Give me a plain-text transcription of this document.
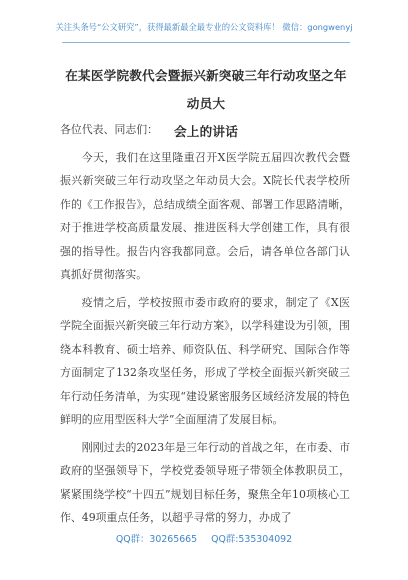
关注头条号“公文研究”，获得最新最全最专业的公文资料库！ 微信：gongwenyj
在某医学院教代会暨振兴新突破三年行动攻坚之年动员大
会上的讲话

各位代表、同志们：

今天，我们在这里隆重召开X医学院五届四次教代会暨振兴新突破三年行动攻坚之年动员大会。X院长代表学校所作的《工作报告》，总结成绩全面客观、部署工作思路清晰，对于推进学校高质量发展、推进医科大学创建工作，具有很强的指导性。报告内容我都同意。会后，请各单位各部门认真抓好贯彻落实。

疫情之后，学校按照市委市政府的要求，制定了《X医学院全面振兴新突破三年行动方案》，以学科建设为引领，围绕本科教育、硕士培养、师资队伍、科学研究、国际合作等方面制定了132条攻坚任务，形成了学校全面振兴新突破三年行动任务清单，为实现“建设紧密服务区域经济发展的特色鲜明的应用型医科大学”全面厘清了发展目标。

刚刚过去的2023年是三年行动的首战之年，在市委、市政府的坚强领导下，学校党委领导班子带领全体教职员工，紧紧围绕学校“十四五”规划目标任务，聚焦全年10项核心工作、49项重点任务，以超乎寻常的努力，办成了

QQ群：30265665 QQ群:535304092
